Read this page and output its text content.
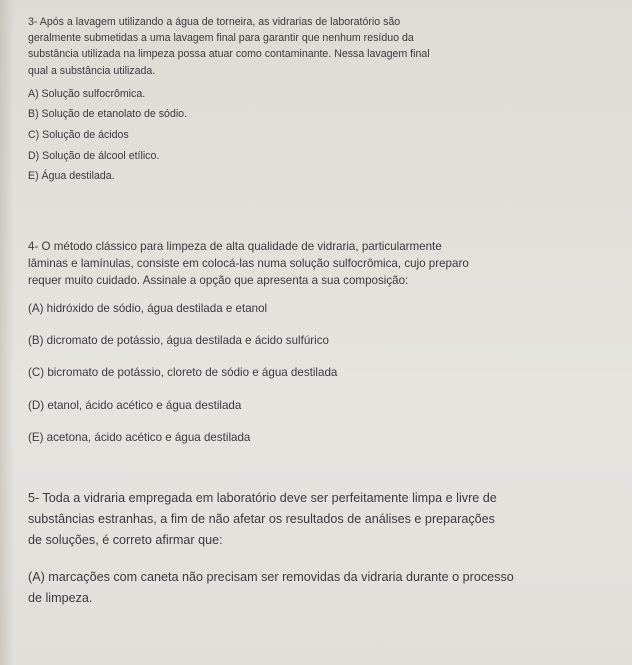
3- Após a lavagem utilizando a água de torneira, as vidrarias de laboratório são
geralmente submetidas a uma lavagem final para garantir que nenhum resíduo da
substância utilizada na limpeza possa atuar como contaminante. Nessa lavagem final
qual a substância utilizada.

A) Solução sulfocrômica.
B) Solução de etanolato de sódio.
C) Solução de ácidos
D) Solução de álcool etílico.
E) Água destilada.

4- O método clássico para limpeza de alta qualidade de vidraria, particularmente
lâminas e lamínulas, consiste em colocá-las numa solução sulfocrômica, cujo preparo
requer muito cuidado. Assinale a opção que apresenta a sua composição:

(A) hidróxido de sódio, água destilada e etanol
(B) dicromato de potássio, água destilada e ácido sulfúrico
(C) bicromato de potássio, cloreto de sódio e água destilada
(D) etanol, ácido acético e água destilada
(E) acetona, ácido acético e água destilada

5- Toda a vidraria empregada em laboratório deve ser perfeitamente limpa e livre de
substâncias estranhas, a fim de não afetar os resultados de análises e preparações
de soluções, é correto afirmar que:

(A) marcações com caneta não precisam ser removidas da vidraria durante o processo
de limpeza.
